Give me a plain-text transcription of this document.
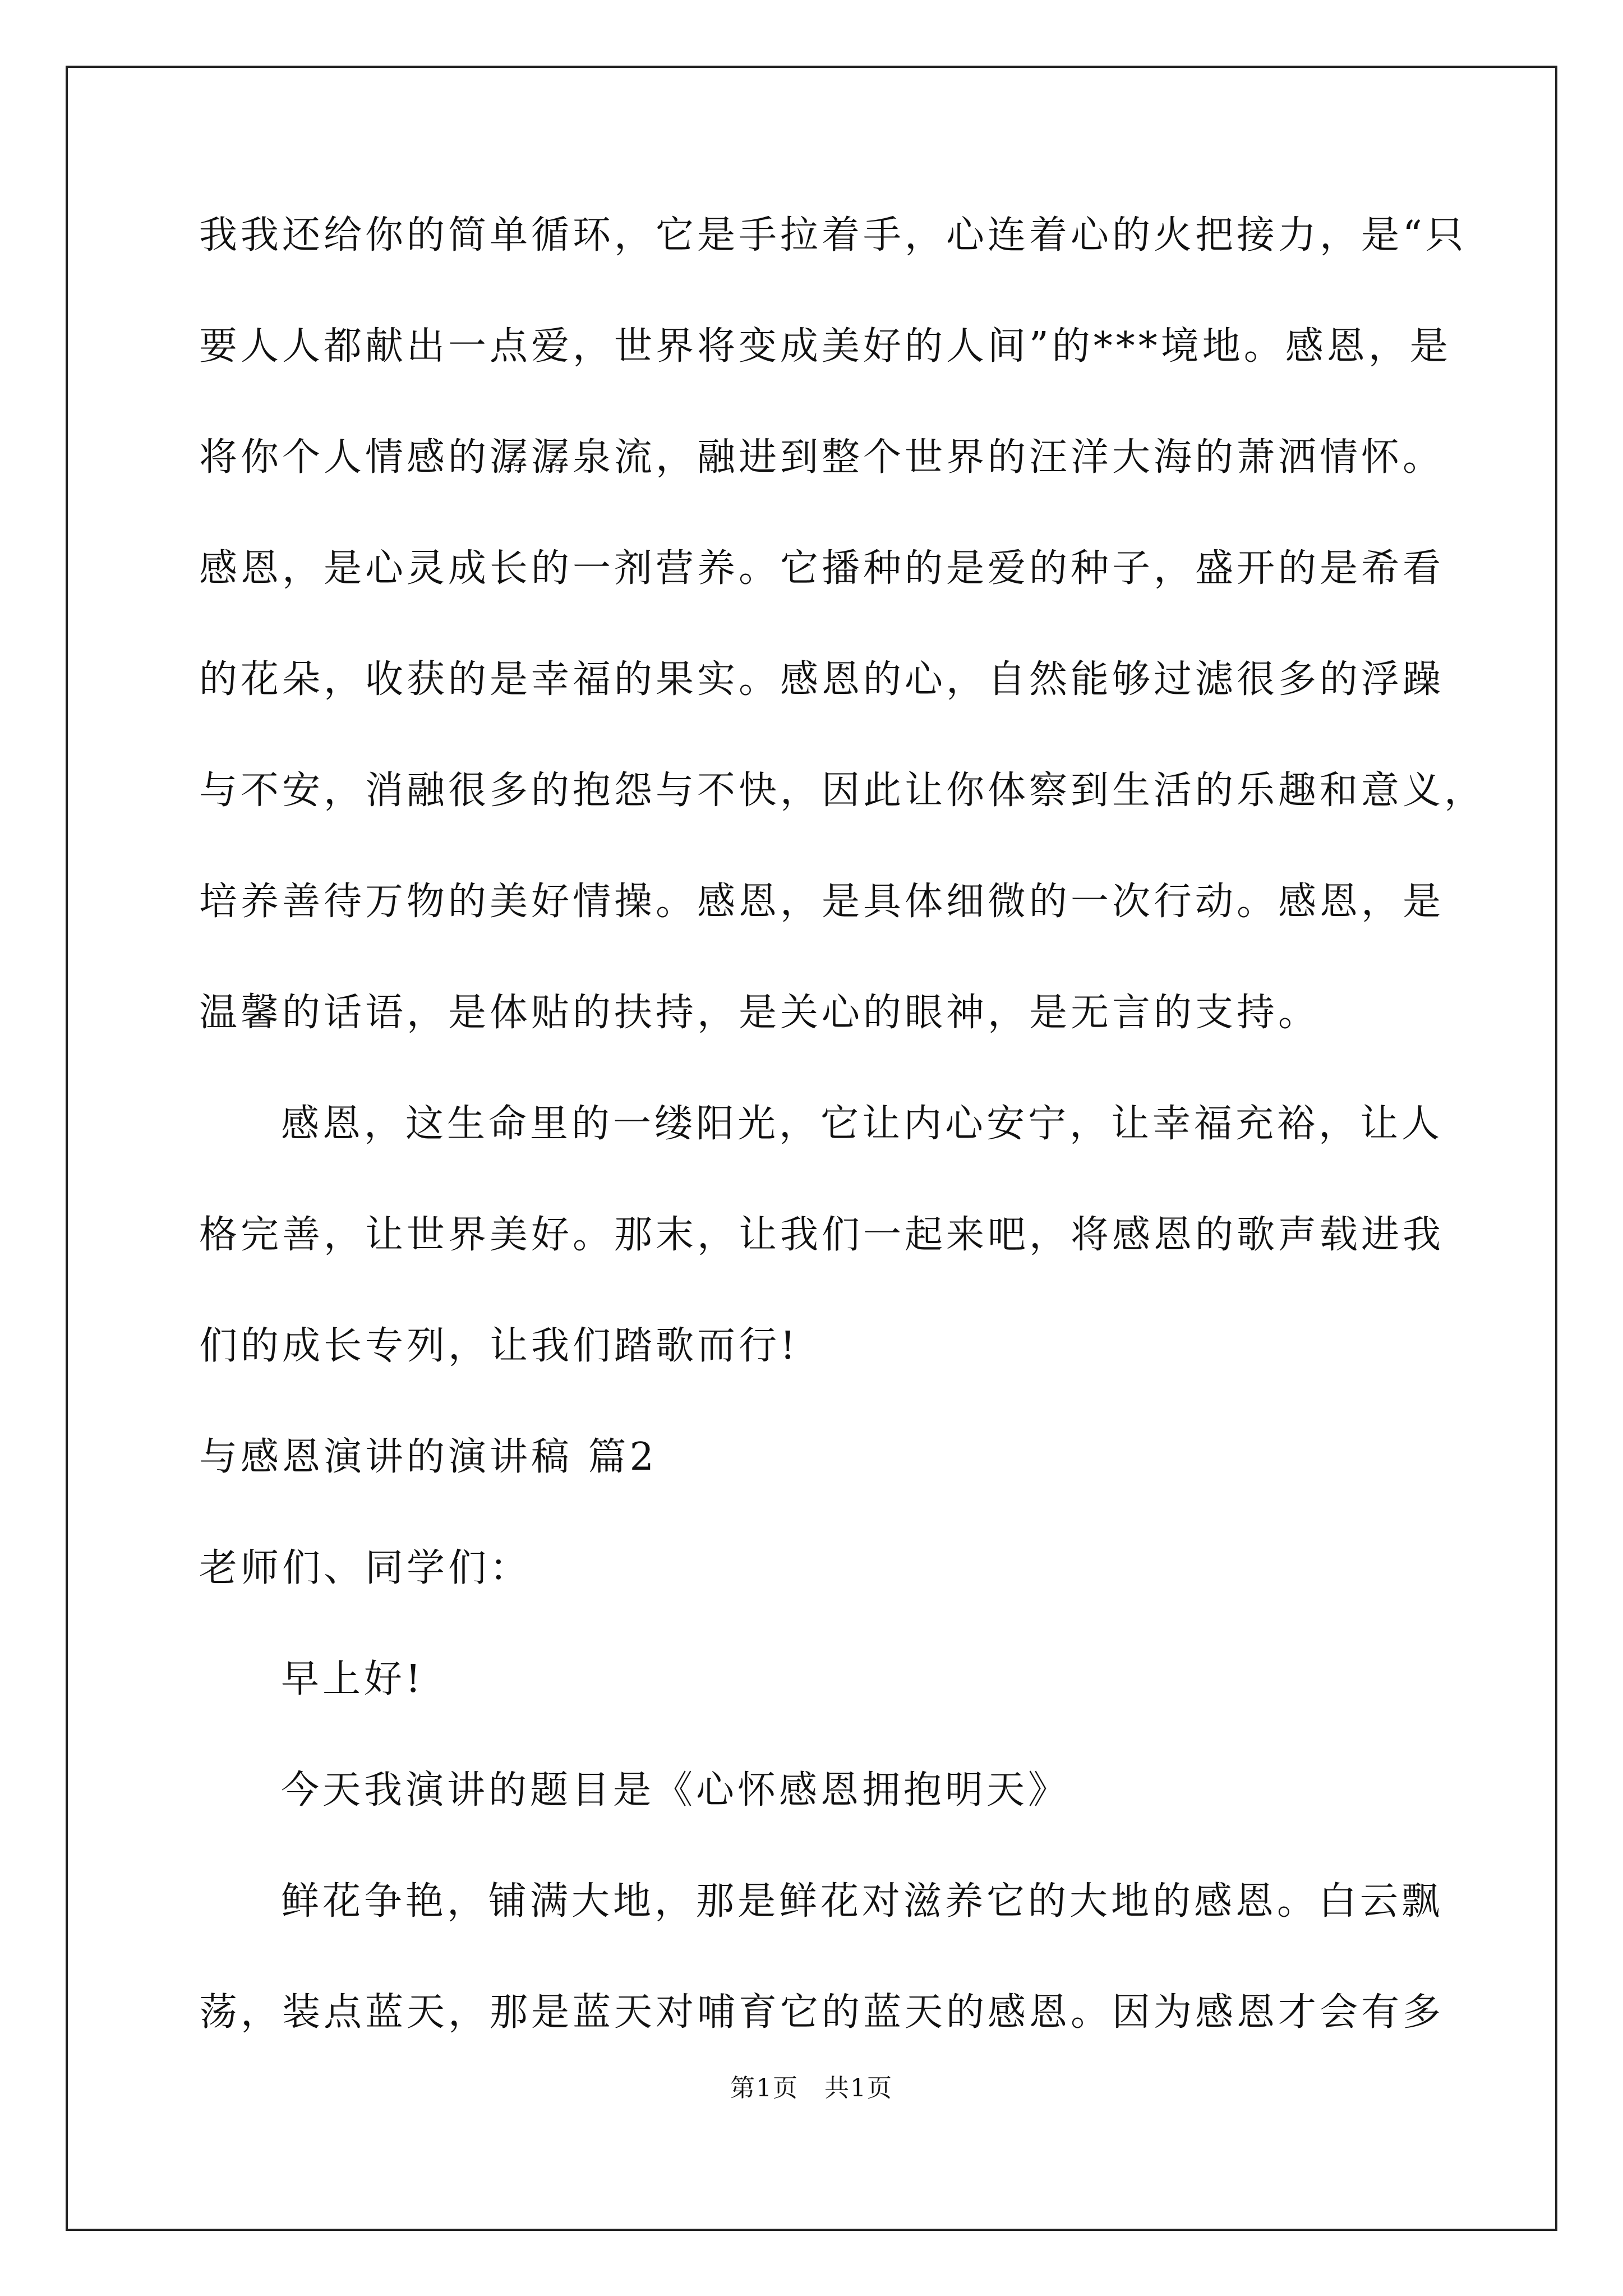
我我还给你的简单循环，它是手拉着手，心连着心的火把接力，是“只
要人人都献出一点爱，世界将变成美好的人间”的***境地。感恩，是
将你个人情感的潺潺泉流，融进到整个世界的汪洋大海的萧洒情怀。
感恩，是心灵成长的一剂营养。它播种的是爱的种子，盛开的是希看
的花朵，收获的是幸福的果实。感恩的心，自然能够过滤很多的浮躁
与不安，消融很多的抱怨与不快，因此让你体察到生活的乐趣和意义，
培养善待万物的美好情操。感恩，是具体细微的一次行动。感恩，是
温馨的话语，是体贴的扶持，是关心的眼神，是无言的支持。
感恩，这生命里的一缕阳光，它让内心安宁，让幸福充裕，让人
格完善，让世界美好。那末，让我们一起来吧，将感恩的歌声载进我
们的成长专列，让我们踏歌而行!
与感恩演讲的演讲稿 篇2
老师们、同学们：
早上好!
今天我演讲的题目是《心怀感恩拥抱明天》
鲜花争艳，铺满大地，那是鲜花对滋养它的大地的感恩。白云飘
荡，装点蓝天，那是蓝天对哺育它的蓝天的感恩。因为感恩才会有多
第1页　共1页
